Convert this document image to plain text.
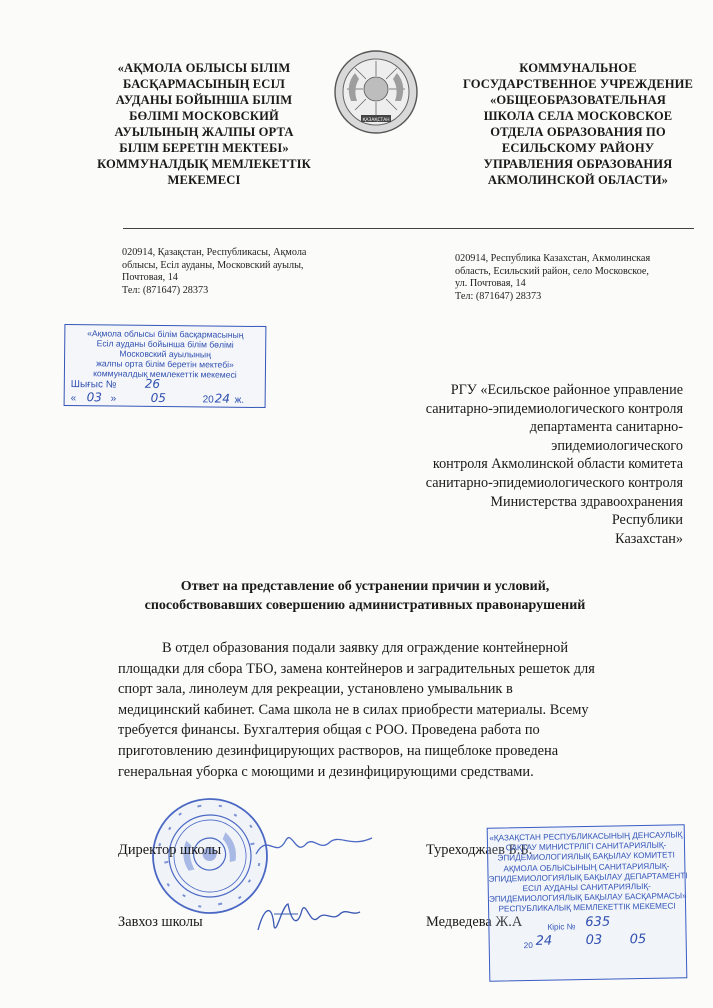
«АҚМОЛА ОБЛЫСЫ БІЛІМ
БАСҚАРМАСЫНЫҢ ЕСІЛ
АУДАНЫ БОЙЫНША БІЛІМ
БӨЛІМІ МОСКОВСКИЙ
АУЫЛЫНЫҢ ЖАЛПЫ ОРТА
БІЛІМ БЕРЕТІН МЕКТЕБІ»
КОММУНАЛДЫҚ МЕМЛЕКЕТТІК
МЕКЕМЕСІ
ҚАЗАҚСТАН
КОММУНАЛЬНОЕ
ГОСУДАРСТВЕННОЕ УЧРЕЖДЕНИЕ
«ОБЩЕОБРАЗОВАТЕЛЬНАЯ
ШКОЛА СЕЛА МОСКОВСКОЕ
ОТДЕЛА ОБРАЗОВАНИЯ ПО
ЕСИЛЬСКОМУ РАЙОНУ
УПРАВЛЕНИЯ ОБРАЗОВАНИЯ
АКМОЛИНСКОЙ ОБЛАСТИ»
020914, Қазақстан, Республикасы, Ақмола
облысы, Есіл ауданы, Московский ауылы,
Почтовая, 14
Тел: (871647) 28373
020914, Республика Казахстан, Акмолинская
область, Есильский район, село Московское,
ул. Почтовая, 14
Тел: (871647) 28373
«Ақмола облысы білім басқармасының
Есіл ауданы бойынша білім бөлімі
Московский ауылының
жалпы орта білім беретін мектебі»
коммуналдық мемлекеттік мекемесі
Шығыс № 26
« 03 »	05	20 24 ж.
РГУ «Есильское районное управление
санитарно-эпидемиологического контроля
департамента санитарно-
эпидемиологического
контроля Акмолинской области комитета
санитарно-эпидемиологического контроля
Министерства здравоохранения
Республики
Казахстан»
Ответ на представление об устранении причин и условий,
способствовавших совершению административных правонарушений
В отдел образования подали заявку для ограждение контейнерной
площадки для сбора ТБО, замена контейнеров и заградительных решеток для
спорт зала, линолеум для рекреации, установлено умывальник в
медицинский кабинет. Сама школа не в силах приобрести материалы. Всему
требуется финансы. Бухгалтерия общая с РОО. Проведена работа по
приготовлению дезинфицирующих растворов, на пищеблоке проведена
генеральная уборка с моющими и дезинфицирующими средствами.
Директор школы	Туреходжаев Б.Б.
Завхоз школы	Медведева Ж.А
«ҚАЗАҚСТАН РЕСПУБЛИКАСЫНЫҢ ДЕНСАУЛЫҚ
САҚТАУ МИНИСТРЛІГІ САНИТАРИЯЛЫҚ-
ЭПИДЕМИОЛОГИЯЛЫҚ БАҚЫЛАУ КОМИТЕТІ
АҚМОЛА ОБЛЫСЫНЫҢ САНИТАРИЯЛЫҚ-
ЭПИДЕМИОЛОГИЯЛЫҚ БАҚЫЛАУ ДЕПАРТАМЕНТІ
ЕСІЛ АУДАНЫ САНИТАРИЯЛЫҚ-
ЭПИДЕМИОЛОГИЯЛЫҚ БАҚЫЛАУ БАСҚАРМАСЫ»
РЕСПУБЛИКАЛЫҚ МЕМЛЕКЕТТІК МЕКЕМЕСІ
Кіріс № 635
20 24	03 05
